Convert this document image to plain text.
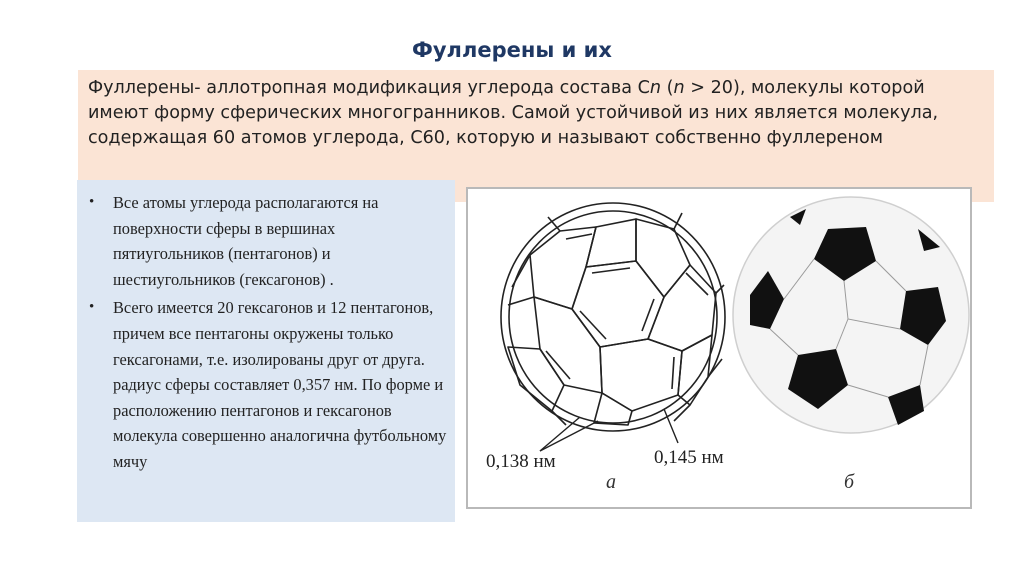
Фуллерены и их
Фуллерены- аллотропная модификация углерода состава Cn (n > 20), молекулы которой имеют форму сферических многогранников. Самой устойчивой из них является молекула, содержащая 60 атомов углерода, С60, которую и называют собственно фуллереном
• Все атомы углерода располагаются на поверхности сферы в вершинах пятиугольников (пентагонов) и шестиугольников (гексагонов) .
• Всего имеется 20 гексагонов и 12 пентагонов, причем все пентагоны окружены только гексагонами, т.е. изолированы друг от друга. радиус сферы составляет 0,357 нм. По форме и расположению пентагонов и гексагонов молекула совершенно аналогична футбольному мячу	0,138 нм	0,145 нм
а	б
